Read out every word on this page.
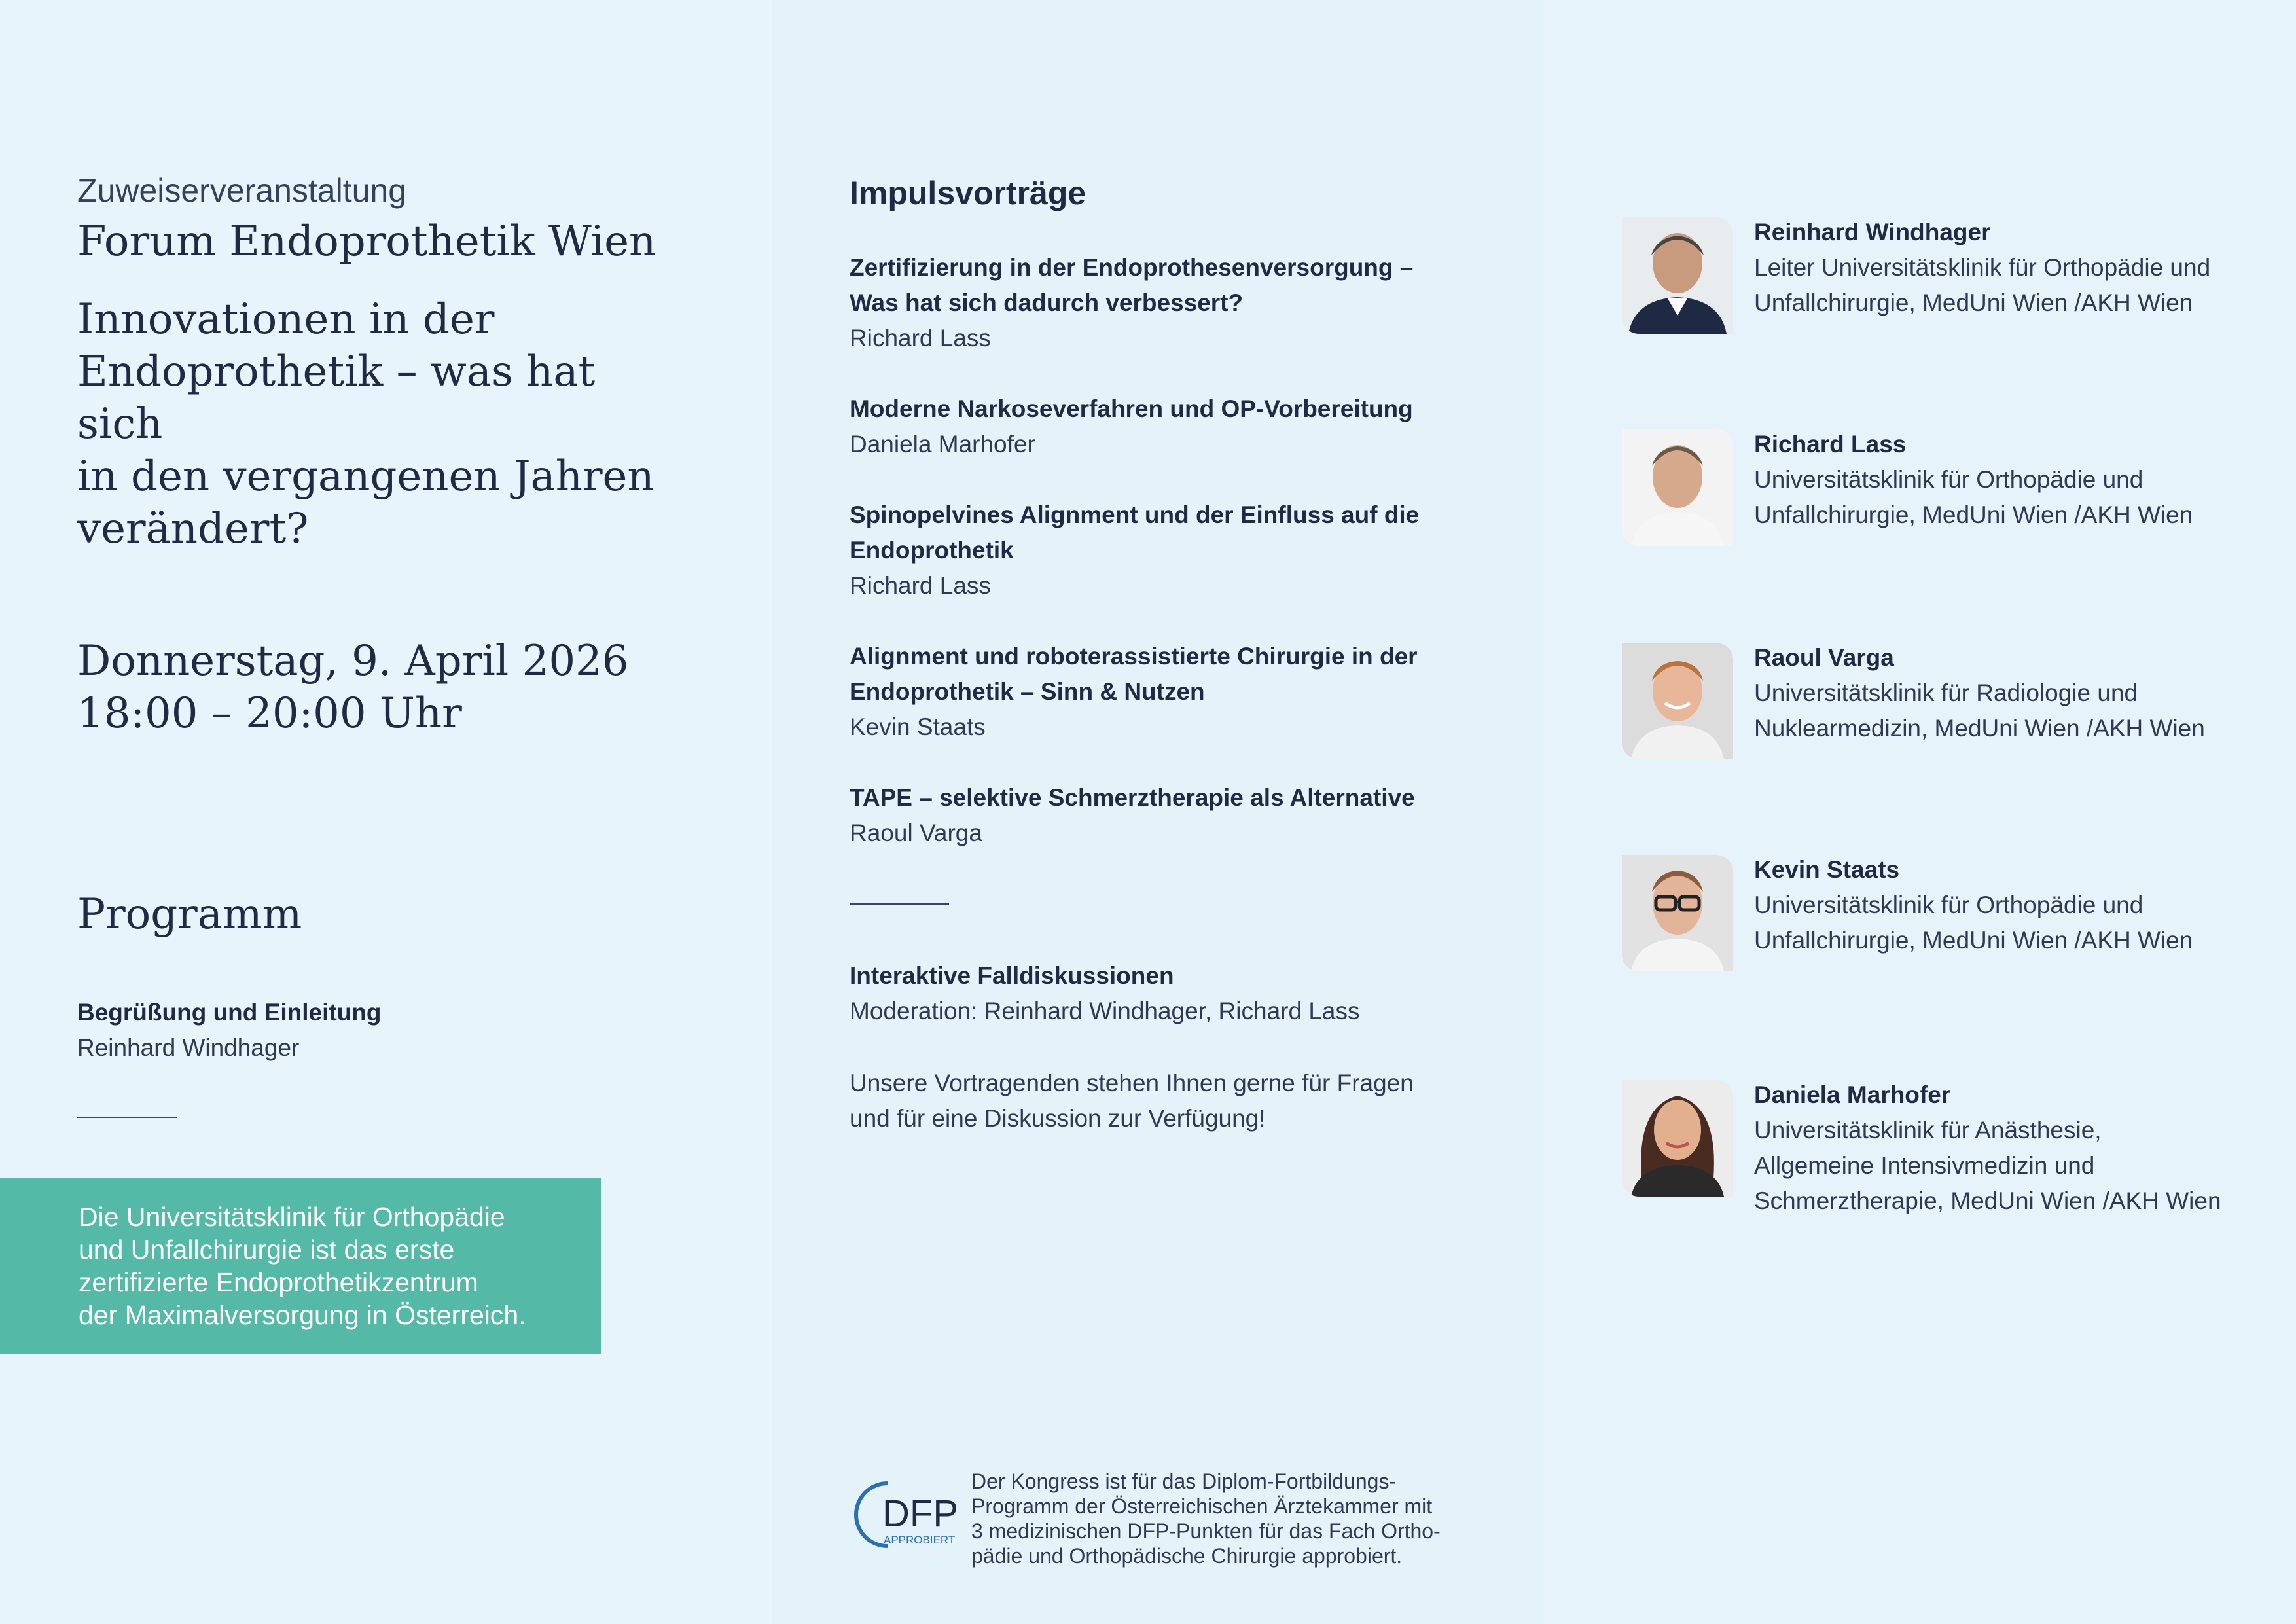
Zuweiserveranstaltung
Forum Endoprothetik Wien
Innovationen in der
Endoprothetik – was hat sich
in den vergangenen Jahren
verändert?
Donnerstag, 9. April 2026
18:00 – 20:00 Uhr
Programm
Begrüßung und Einleitung
Reinhard Windhager
Die Universitätsklinik für Orthopädie
und Unfallchirurgie ist das erste
zertifizierte Endoprothetikzentrum
der Maximalversorgung in Österreich.
Impulsvorträge
Zertifizierung in der Endoprothesenversorgung –
Was hat sich dadurch verbessert?
Richard Lass
Moderne Narkoseverfahren und OP-Vorbereitung
Daniela Marhofer
Spinopelvines Alignment und der Einfluss auf die
Endoprothetik
Richard Lass
Alignment und roboterassistierte Chirurgie in der
Endoprothetik – Sinn & Nutzen
Kevin Staats
TAPE – selektive Schmerztherapie als Alternative
Raoul Varga
Interaktive Falldiskussionen
Moderation: Reinhard Windhager, Richard Lass
Unsere Vortragenden stehen Ihnen gerne für Fragen
und für eine Diskussion zur Verfügung!
DFP
APPROBIERT
Der Kongress ist für das Diplom-Fortbildungs-
Programm der Österreichischen Ärztekammer mit
3 medizinischen DFP-Punkten für das Fach Ortho-
pädie und Orthopädische Chirurgie approbiert.
Reinhard Windhager
Leiter Universitätsklinik für Orthopädie und
Unfallchirurgie, MedUni Wien /AKH Wien
Richard Lass
Universitätsklinik für Orthopädie und
Unfallchirurgie, MedUni Wien /AKH Wien
Raoul Varga
Universitätsklinik für Radiologie und
Nuklearmedizin, MedUni Wien /AKH Wien
Kevin Staats
Universitätsklinik für Orthopädie und
Unfallchirurgie, MedUni Wien /AKH Wien
Daniela Marhofer
Universitätsklinik für Anästhesie,
Allgemeine Intensivmedizin und
Schmerztherapie, MedUni Wien /AKH Wien
